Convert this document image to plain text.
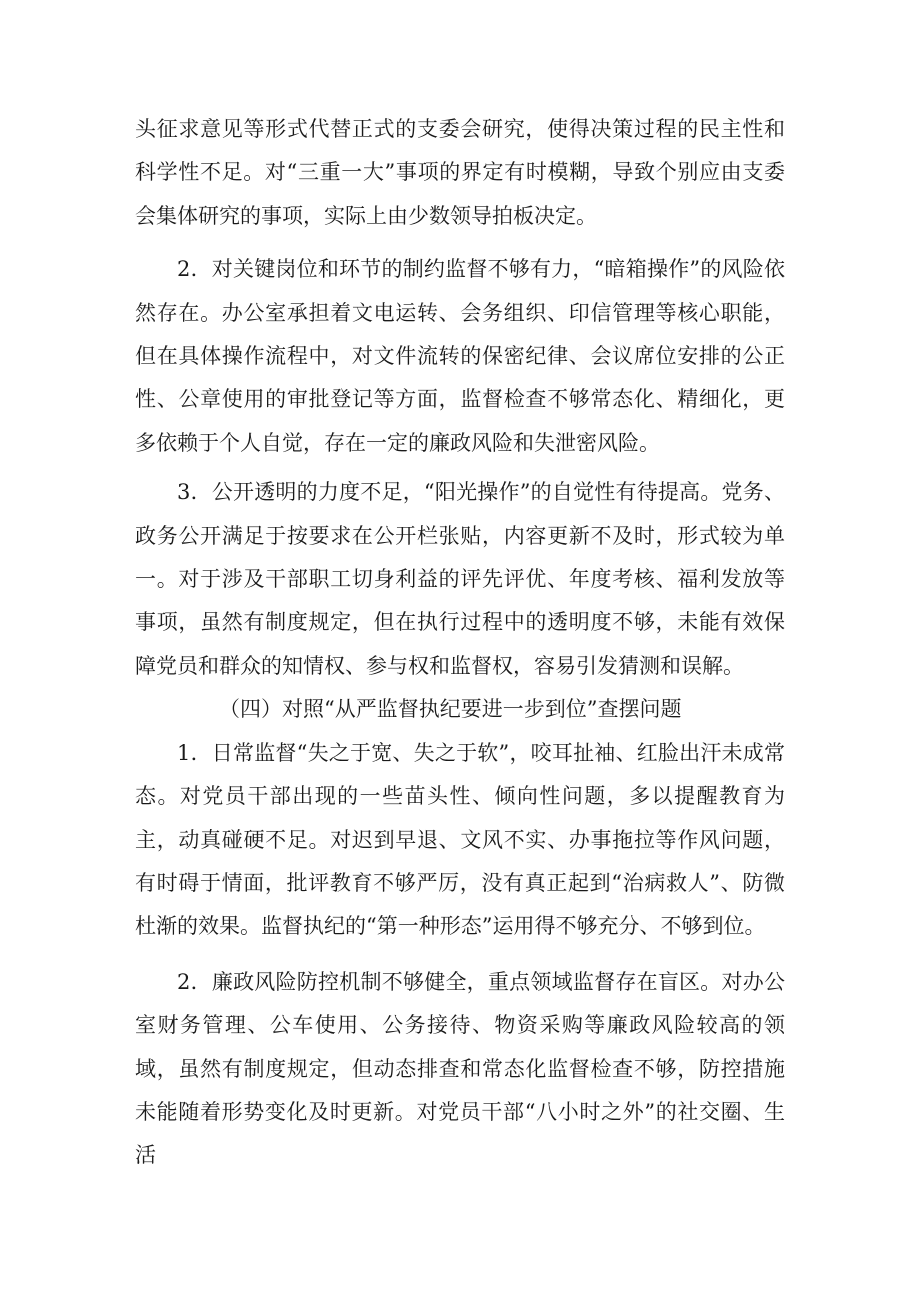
头征求意见等形式代替正式的支委会研究，使得决策过程的民主性和科学性不足。对“三重一大”事项的界定有时模糊，导致个别应由支委会集体研究的事项，实际上由少数领导拍板决定。

2．对关键岗位和环节的制约监督不够有力，“暗箱操作”的风险依然存在。办公室承担着文电运转、会务组织、印信管理等核心职能，但在具体操作流程中，对文件流转的保密纪律、会议席位安排的公正性、公章使用的审批登记等方面，监督检查不够常态化、精细化，更多依赖于个人自觉，存在一定的廉政风险和失泄密风险。

3．公开透明的力度不足，“阳光操作”的自觉性有待提高。党务、政务公开满足于按要求在公开栏张贴，内容更新不及时，形式较为单一。对于涉及干部职工切身利益的评先评优、年度考核、福利发放等事项，虽然有制度规定，但在执行过程中的透明度不够，未能有效保障党员和群众的知情权、参与权和监督权，容易引发猜测和误解。

（四）对照“从严监督执纪要进一步到位”查摆问题

1．日常监督“失之于宽、失之于软”，咬耳扯袖、红脸出汗未成常态。对党员干部出现的一些苗头性、倾向性问题，多以提醒教育为主，动真碰硬不足。对迟到早退、文风不实、办事拖拉等作风问题，有时碍于情面，批评教育不够严厉，没有真正起到“治病救人”、防微杜渐的效果。监督执纪的“第一种形态”运用得不够充分、不够到位。

2．廉政风险防控机制不够健全，重点领域监督存在盲区。对办公室财务管理、公车使用、公务接待、物资采购等廉政风险较高的领域，虽然有制度规定，但动态排查和常态化监督检查不够，防控措施未能随着形势变化及时更新。对党员干部“八小时之外”的社交圈、生活
